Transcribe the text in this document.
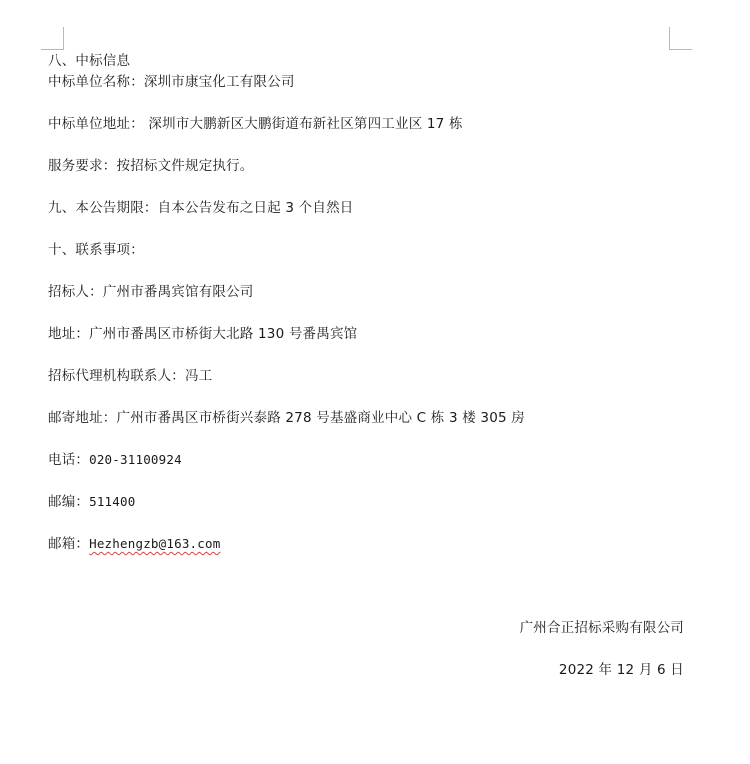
八、中标信息
中标单位名称：深圳市康宝化工有限公司
中标单位地址： 深圳市大鹏新区大鹏街道布新社区第四工业区 17 栋
服务要求：按招标文件规定执行。
九、本公告期限：自本公告发布之日起 3 个自然日
十、联系事项：
招标人：广州市番禺宾馆有限公司
地址：广州市番禺区市桥街大北路 130 号番禺宾馆
招标代理机构联系人：冯工
邮寄地址：广州市番禺区市桥街兴泰路 278 号基盛商业中心 C 栋 3 楼 305 房
电话：020-31100924
邮编：511400
邮箱：Hezhengzb@163.com
广州合正招标采购有限公司
2022 年 12 月 6 日
